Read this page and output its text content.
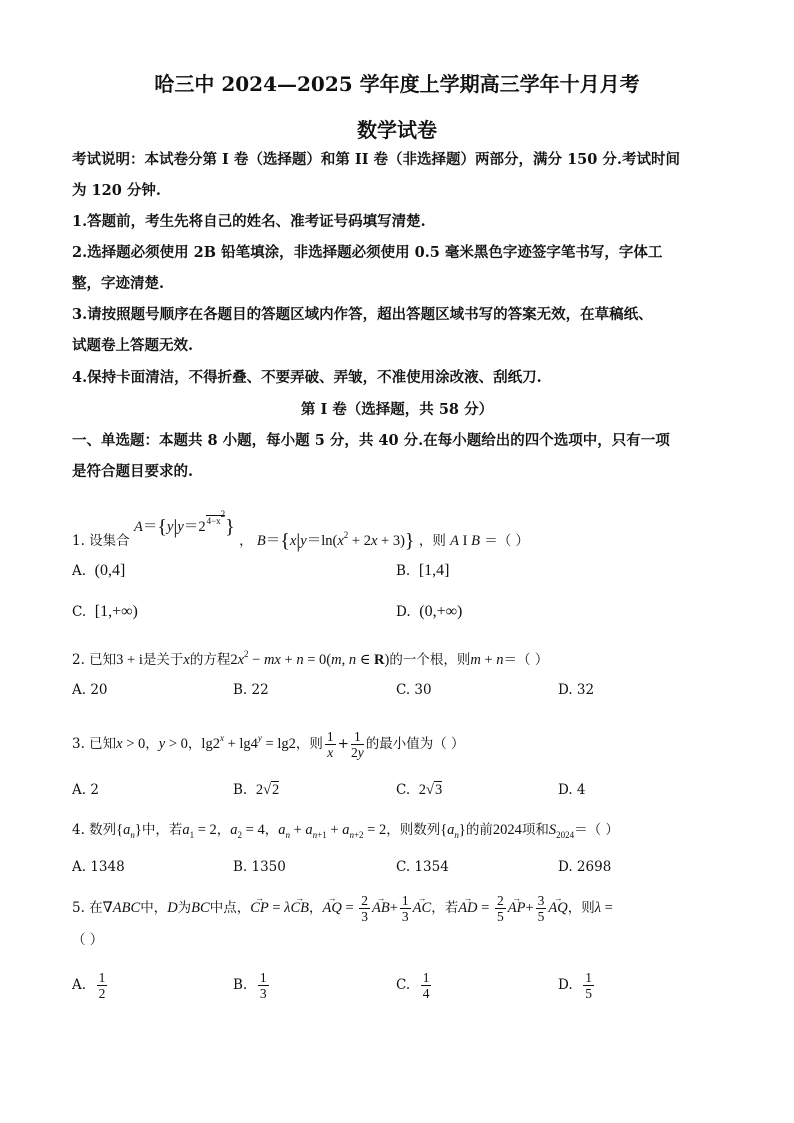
哈三中 2024—2025 学年度上学期高三学年十月月考
数学试卷
考试说明：本试卷分第 I 卷（选择题）和第 II 卷（非选择题）两部分，满分 150 分.考试时间
为 120 分钟.
1.答题前，考生先将自己的姓名、准考证号码填写清楚.
2.选择题必须使用 2B 铅笔填涂，非选择题必须使用 0.5 毫米黑色字迹签字笔书写，字体工
整，字迹清楚.
3.请按照题号顺序在各题目的答题区域内作答，超出答题区域书写的答案无效，在草稿纸、
试题卷上答题无效.
4.保持卡面清洁，不得折叠、不要弄破、弄皱，不准使用涂改液、刮纸刀.
第 I 卷（选择题，共 58 分）
一、单选题：本题共 8 小题，每小题 5 分，共 40 分.在每小题给出的四个选项中，只有一项
是符合题目要求的.
1. 设集合 $A=\{y|y=2^{4-x2}\}$ ， $B=\{x|y=\ln(x^2 + 2x + 3)\}$ ，则 A I B ＝（ ）
A. (0,4]	B. [1,4]
C. [1,+∞)	D. (0,+∞)
2. 已知3 + i是关于x的方程$2x^2$ − mx + n = 0(m, n ∈ R)的一个根，则m + n＝（ ）
A. 20	B. 22	C. 30	D. 32
3. 已知x > 0，y > 0，$\lg 2^x + \lg 4^y = \lg 2$，则 $\frac{1}{x} + \frac{1}{2y}$ 的最小值为（ ）
A. 2	B. 2√2	C. 2√3	D. 4
4. 数列$\{a_n\}$中，若$a_1 = 2$，$a_2 = 4$，$a_n + a_{n+1} + a_{n+2} = 2$，则数列$\{a_n\}$的前2024项和$S_{2024}=$（ ）
A. 1348	B. 1350	C. 1354	D. 2698
5. 在∇ABC中，D为BC中点，→ CP = λ→ CB，→ AQ = $\frac{2}{3}$
→ $AB+ \frac{1}{3}$
→ AC，若→ AD = $\frac{2}{5}$
→ $AP+ \frac{3}{5}$
→ AQ，则λ =
（ ）
A. $\frac{1}{2}$	B. $\frac{1}{3}$	C. $\frac{1}{4}$	D. $\frac{1}{5}$
